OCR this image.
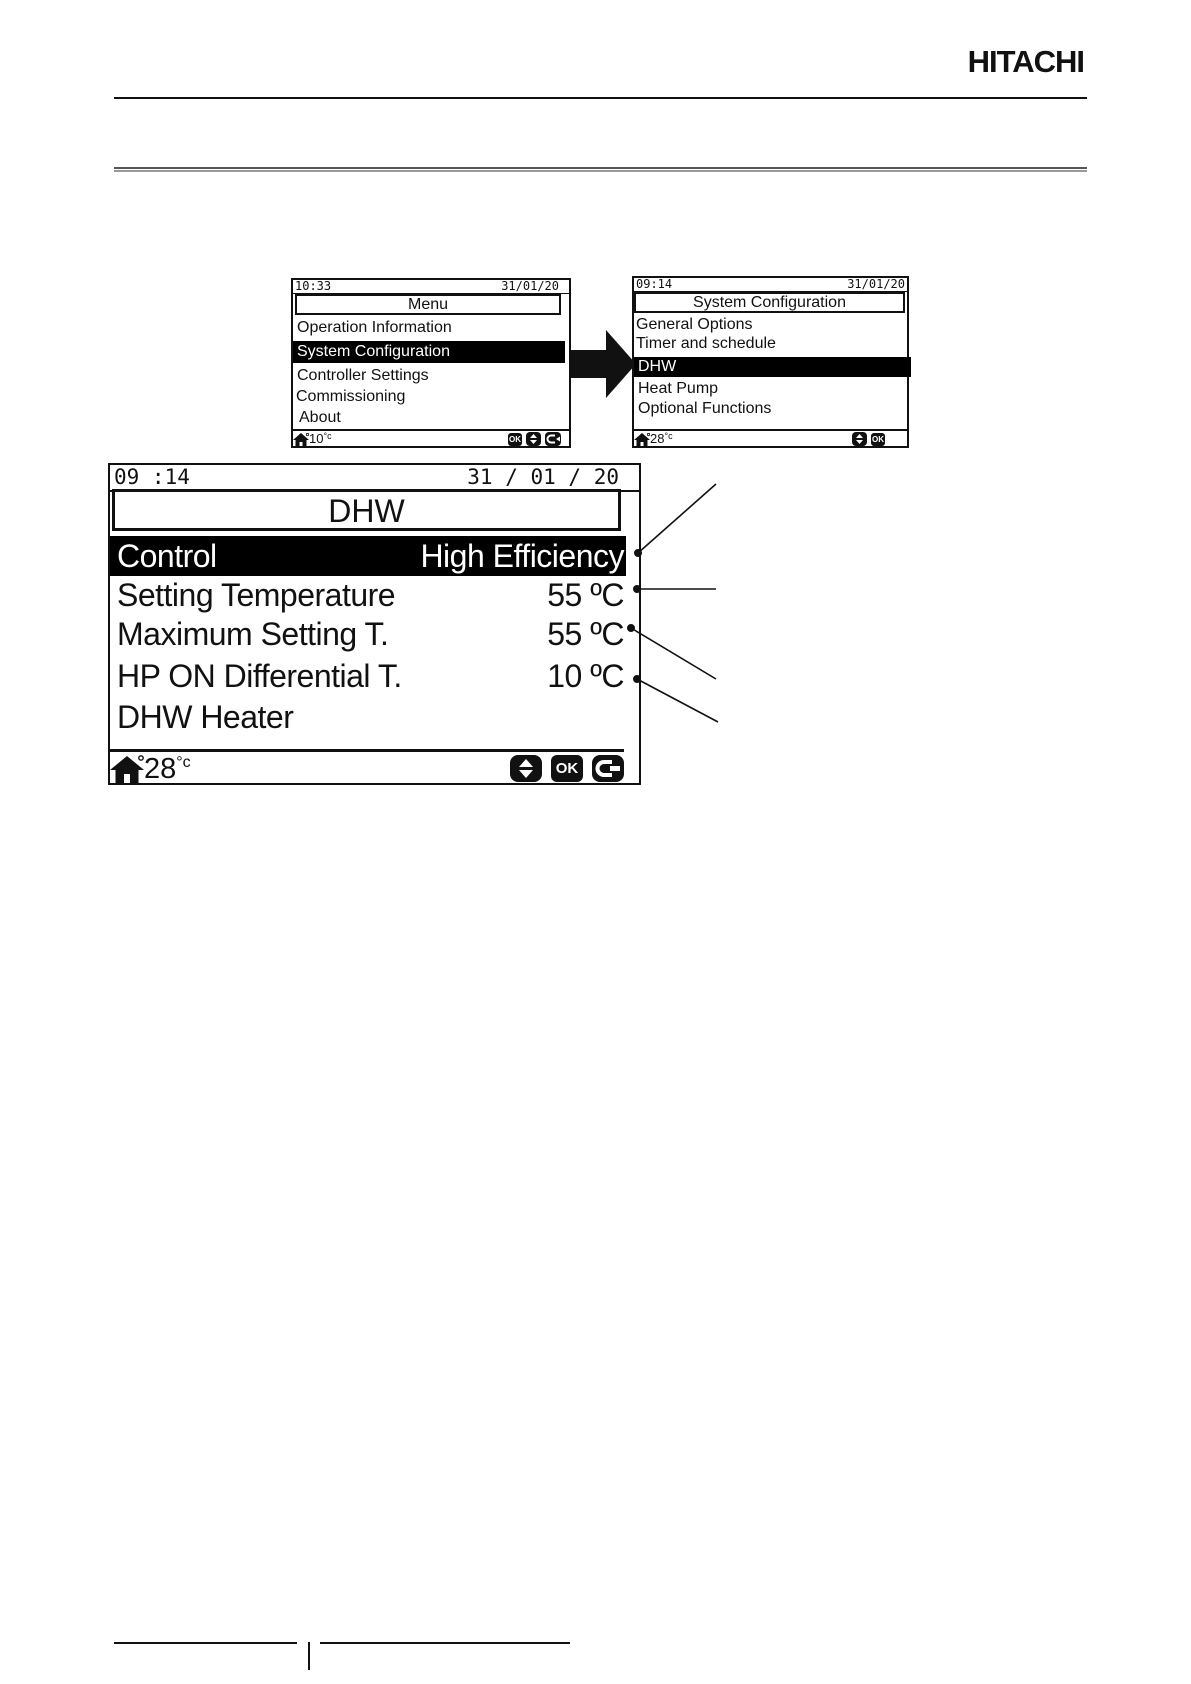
HITACHI
10:33	31/01/20
Menu
Operation Information
System Configuration
Controller Settings
Commissioning
About
10 °c	OK
09:14	31/01/20
System Configuration
General Options
Timer and schedule
DHW
Heat Pump
Optional Functions
28 °c	OK
09 :14	31 / 01 / 20
DHW
Control	High Efficiency
Setting Temperature	55 ºC
Maximum Setting T.	55 ºC
HP ON Differential T.	10 ºC
DHW Heater
28 °c	OK
